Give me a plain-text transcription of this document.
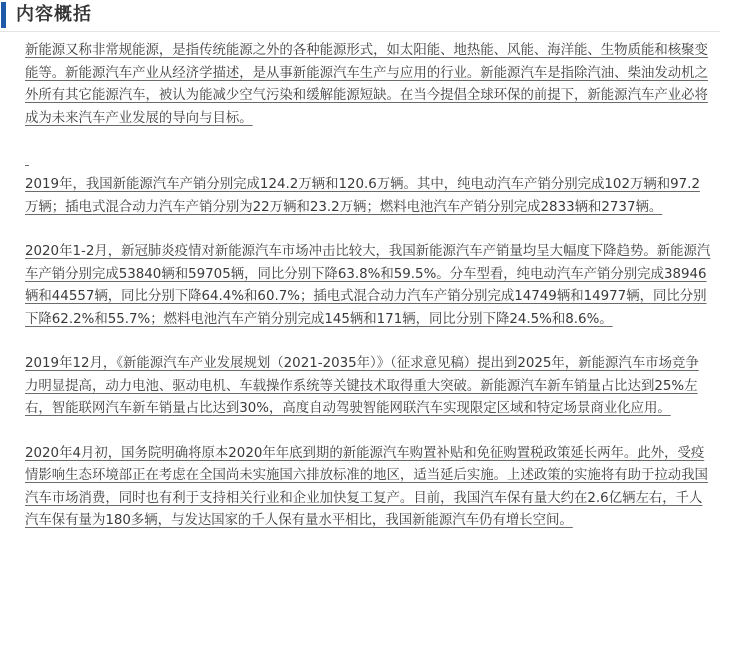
内容概括

新能源又称非常规能源，是指传统能源之外的各种能源形式，如太阳能、地热能、风能、海洋能、生物质能和核聚变能等。新能源汽车产业从经济学描述，是从事新能源汽车生产与应用的行业。新能源汽车是指除汽油、柴油发动机之外所有其它能源汽车，被认为能减少空气污染和缓解能源短缺。在当今提倡全球环保的前提下，新能源汽车产业必将成为未来汽车产业发展的导向与目标。

2019年，我国新能源汽车产销分别完成124.2万辆和120.6万辆。其中，纯电动汽车产销分别完成102万辆和97.2万辆；插电式混合动力汽车产销分别为22万辆和23.2万辆；燃料电池汽车产销分别完成2833辆和2737辆。

2020年1-2月，新冠肺炎疫情对新能源汽车市场冲击比较大，我国新能源汽车产销量均呈大幅度下降趋势。新能源汽车产销分别完成53840辆和59705辆，同比分别下降63.8%和59.5%。分车型看，纯电动汽车产销分别完成38946辆和44557辆，同比分别下降64.4%和60.7%；插电式混合动力汽车产销分别完成14749辆和14977辆，同比分别下降62.2%和55.7%；燃料电池汽车产销分别完成145辆和171辆，同比分别下降24.5%和8.6%。

2019年12月，《新能源汽车产业发展规划（2021-2035年）》（征求意见稿）提出到2025年，新能源汽车市场竞争力明显提高，动力电池、驱动电机、车载操作系统等关键技术取得重大突破。新能源汽车新车销量占比达到25%左右，智能联网汽车新车销量占比达到30%，高度自动驾驶智能网联汽车实现限定区域和特定场景商业化应用。

2020年4月初，国务院明确将原本2020年年底到期的新能源汽车购置补贴和免征购置税政策延长两年。此外，受疫情影响生态环境部正在考虑在全国尚未实施国六排放标准的地区，适当延后实施。上述政策的实施将有助于拉动我国汽车市场消费，同时也有利于支持相关行业和企业加快复工复产。目前，我国汽车保有量大约在2.6亿辆左右，千人汽车保有量为180多辆，与发达国家的千人保有量水平相比，我国新能源汽车仍有增长空间。
